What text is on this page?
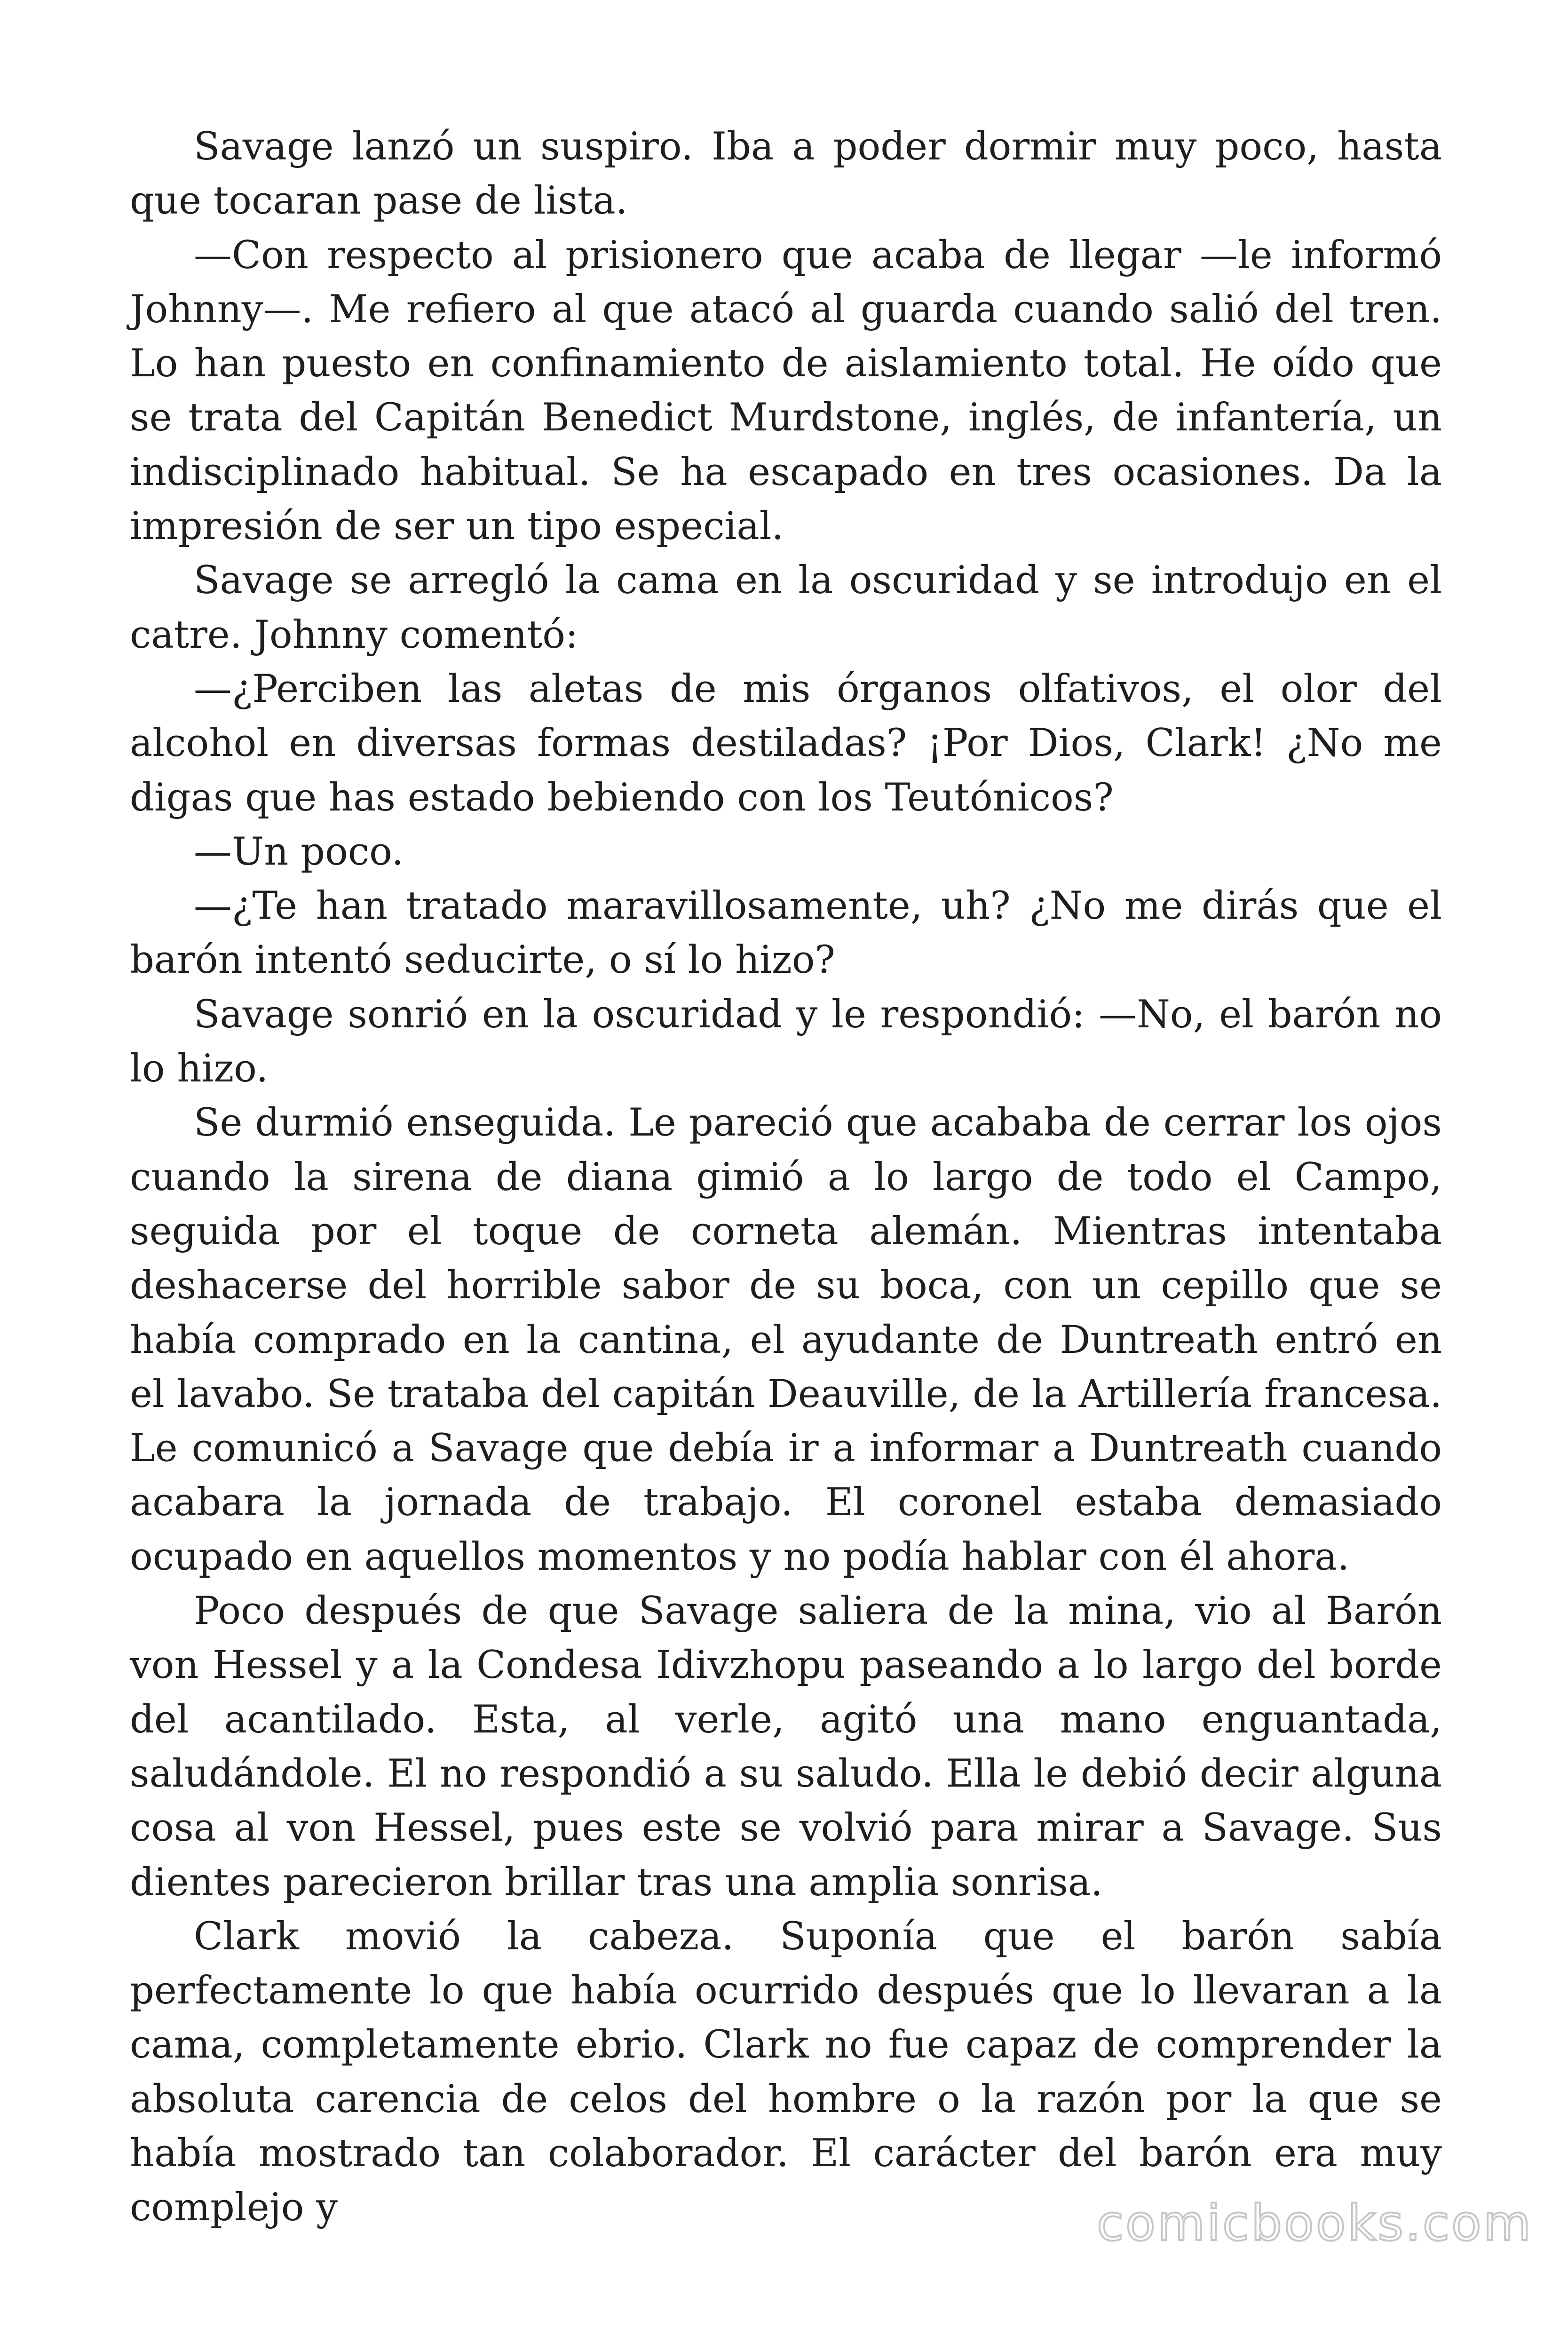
Savage lanzó un suspiro. Iba a poder dormir muy poco, hasta que tocaran pase de lista.

—Con respecto al prisionero que acaba de llegar —le informó Johnny—. Me refiero al que atacó al guarda cuando salió del tren. Lo han puesto en confinamiento de aislamiento total. He oído que se trata del Capitán Benedict Murdstone, inglés, de infantería, un indisciplinado habitual. Se ha escapado en tres ocasiones. Da la impresión de ser un tipo especial.

Savage se arregló la cama en la oscuridad y se introdujo en el catre. Johnny comentó:

—¿Perciben las aletas de mis órganos olfativos, el olor del alcohol en diversas formas destiladas? ¡Por Dios, Clark! ¿No me digas que has estado bebiendo con los Teutónicos?

—Un poco.

—¿Te han tratado maravillosamente, uh? ¿No me dirás que el barón intentó seducirte, o sí lo hizo?

Savage sonrió en la oscuridad y le respondió: —No, el barón no lo hizo.

Se durmió enseguida. Le pareció que acababa de cerrar los ojos cuando la sirena de diana gimió a lo largo de todo el Campo, seguida por el toque de corneta alemán. Mientras intentaba deshacerse del horrible sabor de su boca, con un cepillo que se había comprado en la cantina, el ayudante de Duntreath entró en el lavabo. Se trataba del capitán Deauville, de la Artillería francesa. Le comunicó a Savage que debía ir a informar a Duntreath cuando acabara la jornada de trabajo. El coronel estaba demasiado ocupado en aquellos momentos y no podía hablar con él ahora.

Poco después de que Savage saliera de la mina, vio al Barón von Hessel y a la Condesa Idivzhopu paseando a lo largo del borde del acantilado. Esta, al verle, agitó una mano enguantada, saludándole. El no respondió a su saludo. Ella le debió decir alguna cosa al von Hessel, pues este se volvió para mirar a Savage. Sus dientes parecieron brillar tras una amplia sonrisa.

Clark movió la cabeza. Suponía que el barón sabía perfectamente lo que había ocurrido después que lo llevaran a la cama, completamente ebrio. Clark no fue capaz de comprender la absoluta carencia de celos del hombre o la razón por la que se había mostrado tan colaborador. El carácter del barón era muy complejo y	comicbooks.com
